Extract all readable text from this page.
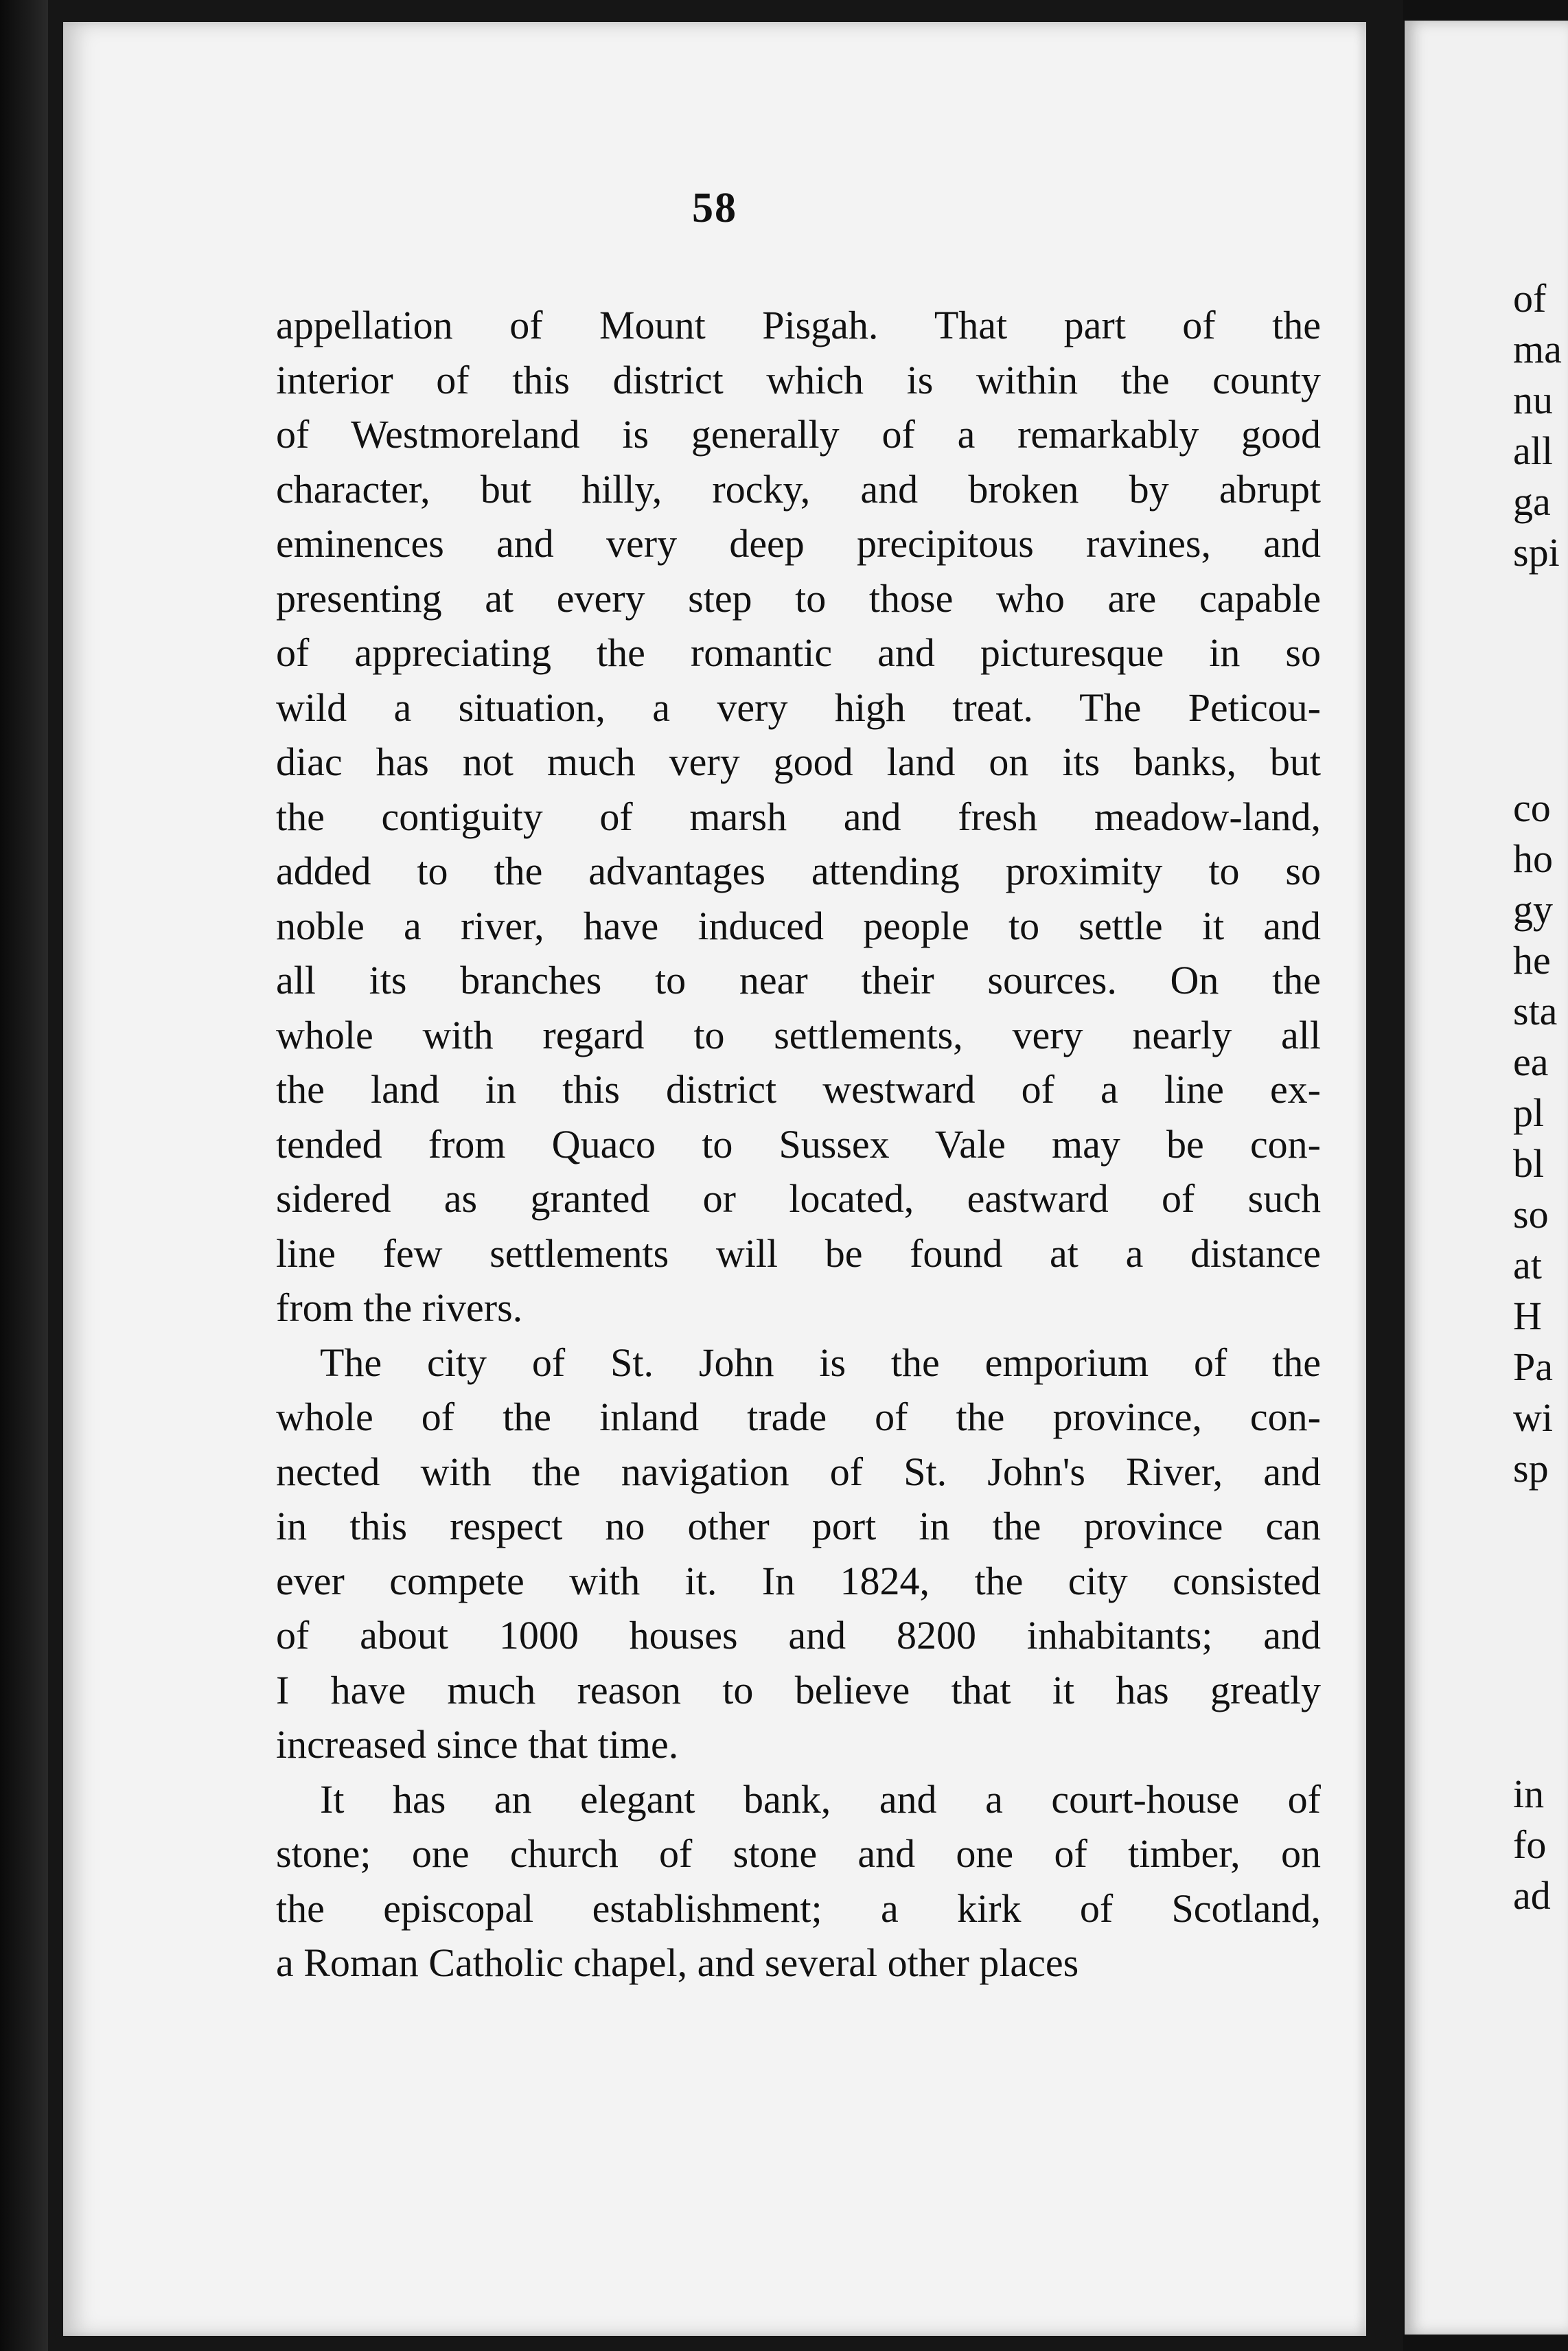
58
appellation of Mount Pisgah. That part of the
interior of this district which is within the county
of Westmoreland is generally of a remarkably good
character, but hilly, rocky, and broken by abrupt
eminences and very deep precipitous ravines, and
presenting at every step to those who are capable
of appreciating the romantic and picturesque in so
wild a situation, a very high treat. The Peticou-
diac has not much very good land on its banks, but
the contiguity of marsh and fresh meadow-land,
added to the advantages attending proximity to so
noble a river, have induced people to settle it and
all its branches to near their sources. On the
whole with regard to settlements, very nearly all
the land in this district westward of a line ex-
tended from Quaco to Sussex Vale may be con-
sidered as granted or located, eastward of such
line few settlements will be found at a distance
from the rivers.
The city of St. John is the emporium of the
whole of the inland trade of the province, con-
nected with the navigation of St. John's River, and
in this respect no other port in the province can
ever compete with it. In 1824, the city consisted
of about 1000 houses and 8200 inhabitants; and
I have much reason to believe that it has greatly
increased since that time.
It has an elegant bank, and a court-house of
stone; one church of stone and one of timber, on
the episcopal establishment; a kirk of Scotland,
a Roman Catholic chapel, and several other places
of
ma
nu
all
ga
spi
co
ho
gy
he
sta
ea
pl
bl
so
at
H
Pa
wi
sp
in
fo
ad
